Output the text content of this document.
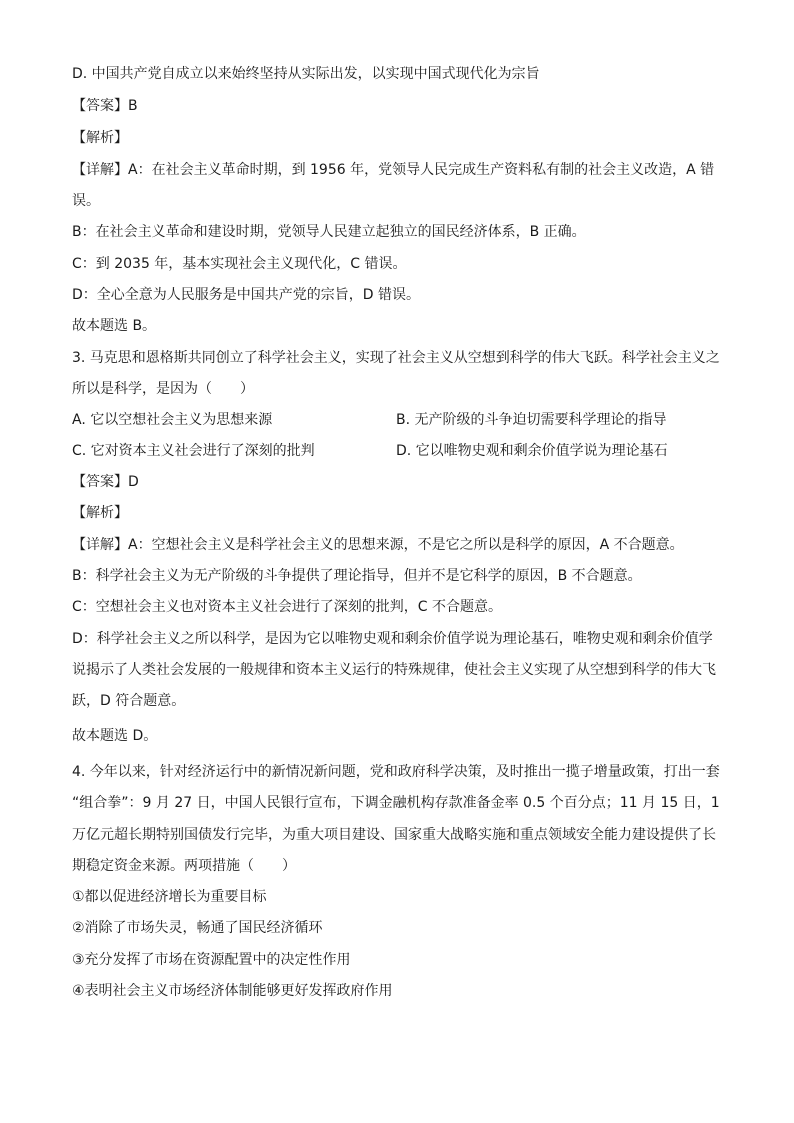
D. 中国共产党自成立以来始终坚持从实际出发，以实现中国式现代化为宗旨
【答案】B
【解析】
【详解】A：在社会主义革命时期，到 1956 年，党领导人民完成生产资料私有制的社会主义改造，A 错
误。
B：在社会主义革命和建设时期，党领导人民建立起独立的国民经济体系，B 正确。
C：到 2035 年，基本实现社会主义现代化，C 错误。
D：全心全意为人民服务是中国共产党的宗旨，D 错误。
故本题选 B。
3. 马克思和恩格斯共同创立了科学社会主义，实现了社会主义从空想到科学的伟大飞跃。科学社会主义之
所以是科学，是因为（　　）
A. 它以空想社会主义为思想来源	B. 无产阶级的斗争迫切需要科学理论的指导
C. 它对资本主义社会进行了深刻的批判	D. 它以唯物史观和剩余价值学说为理论基石
【答案】D
【解析】
【详解】A：空想社会主义是科学社会主义的思想来源，不是它之所以是科学的原因，A 不合题意。
B：科学社会主义为无产阶级的斗争提供了理论指导，但并不是它科学的原因，B 不合题意。
C：空想社会主义也对资本主义社会进行了深刻的批判，C 不合题意。
D：科学社会主义之所以科学，是因为它以唯物史观和剩余价值学说为理论基石，唯物史观和剩余价值学
说揭示了人类社会发展的一般规律和资本主义运行的特殊规律，使社会主义实现了从空想到科学的伟大飞
跃，D 符合题意。
故本题选 D。
4. 今年以来，针对经济运行中的新情况新问题，党和政府科学决策，及时推出一揽子增量政策，打出一套
“组合拳”：9 月 27 日，中国人民银行宣布，下调金融机构存款准备金率 0.5 个百分点；11 月 15 日，1
万亿元超长期特别国债发行完毕，为重大项目建设、国家重大战略实施和重点领域安全能力建设提供了长
期稳定资金来源。两项措施（　　）
①都以促进经济增长为重要目标
②消除了市场失灵，畅通了国民经济循环
③充分发挥了市场在资源配置中的决定性作用
④表明社会主义市场经济体制能够更好发挥政府作用
